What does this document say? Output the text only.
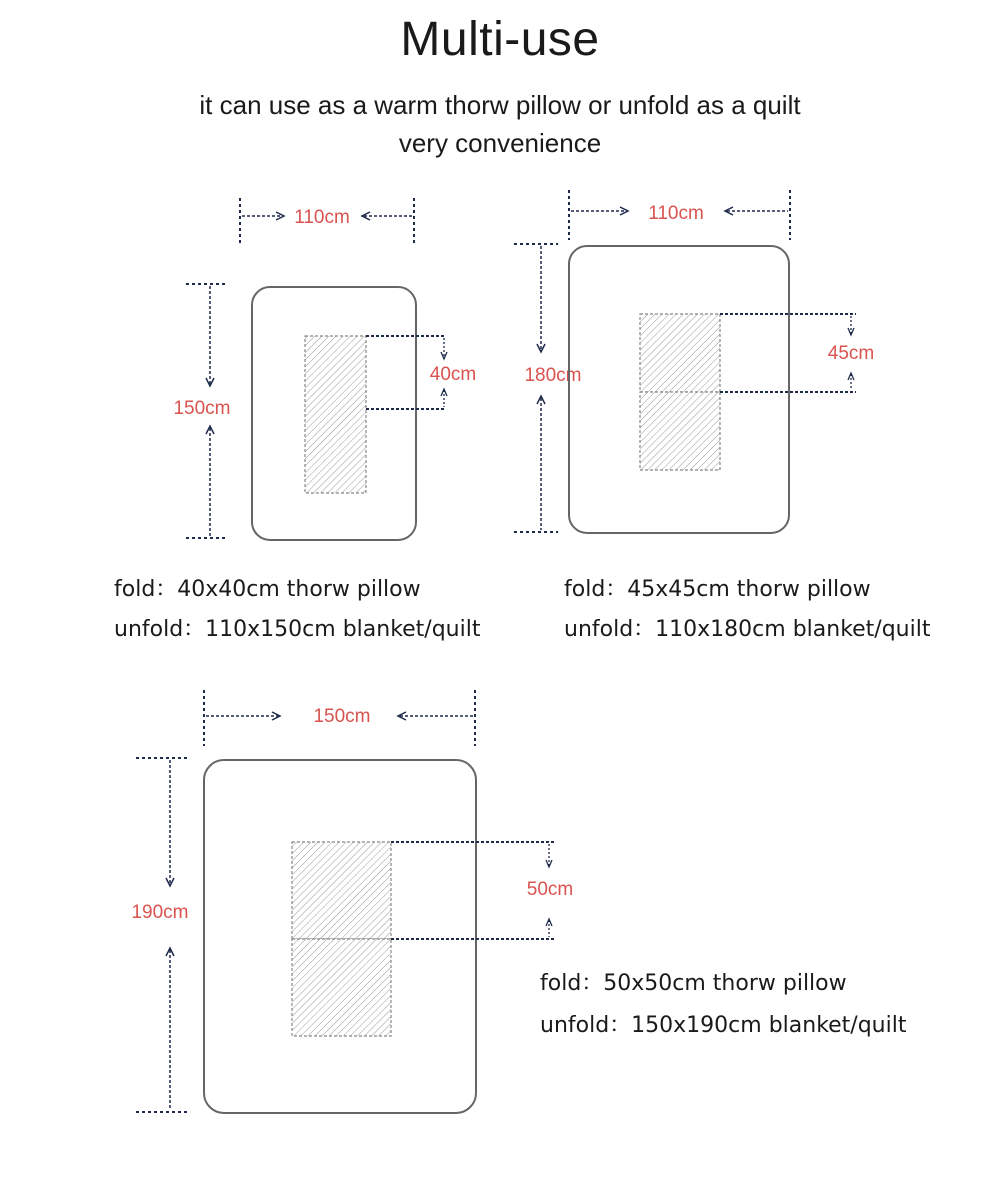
Multi-use
it can use as a warm thorw pillow or unfold as a quilt
very convenience
110cm
150cm
40cm
110cm
180cm
45cm
150cm
190cm
50cm
fold：40x40cm thorw pillow
unfold：110x150cm blanket/quilt
fold：45x45cm thorw pillow
unfold：110x180cm blanket/quilt
fold：50x50cm thorw pillow
unfold：150x190cm blanket/quilt
